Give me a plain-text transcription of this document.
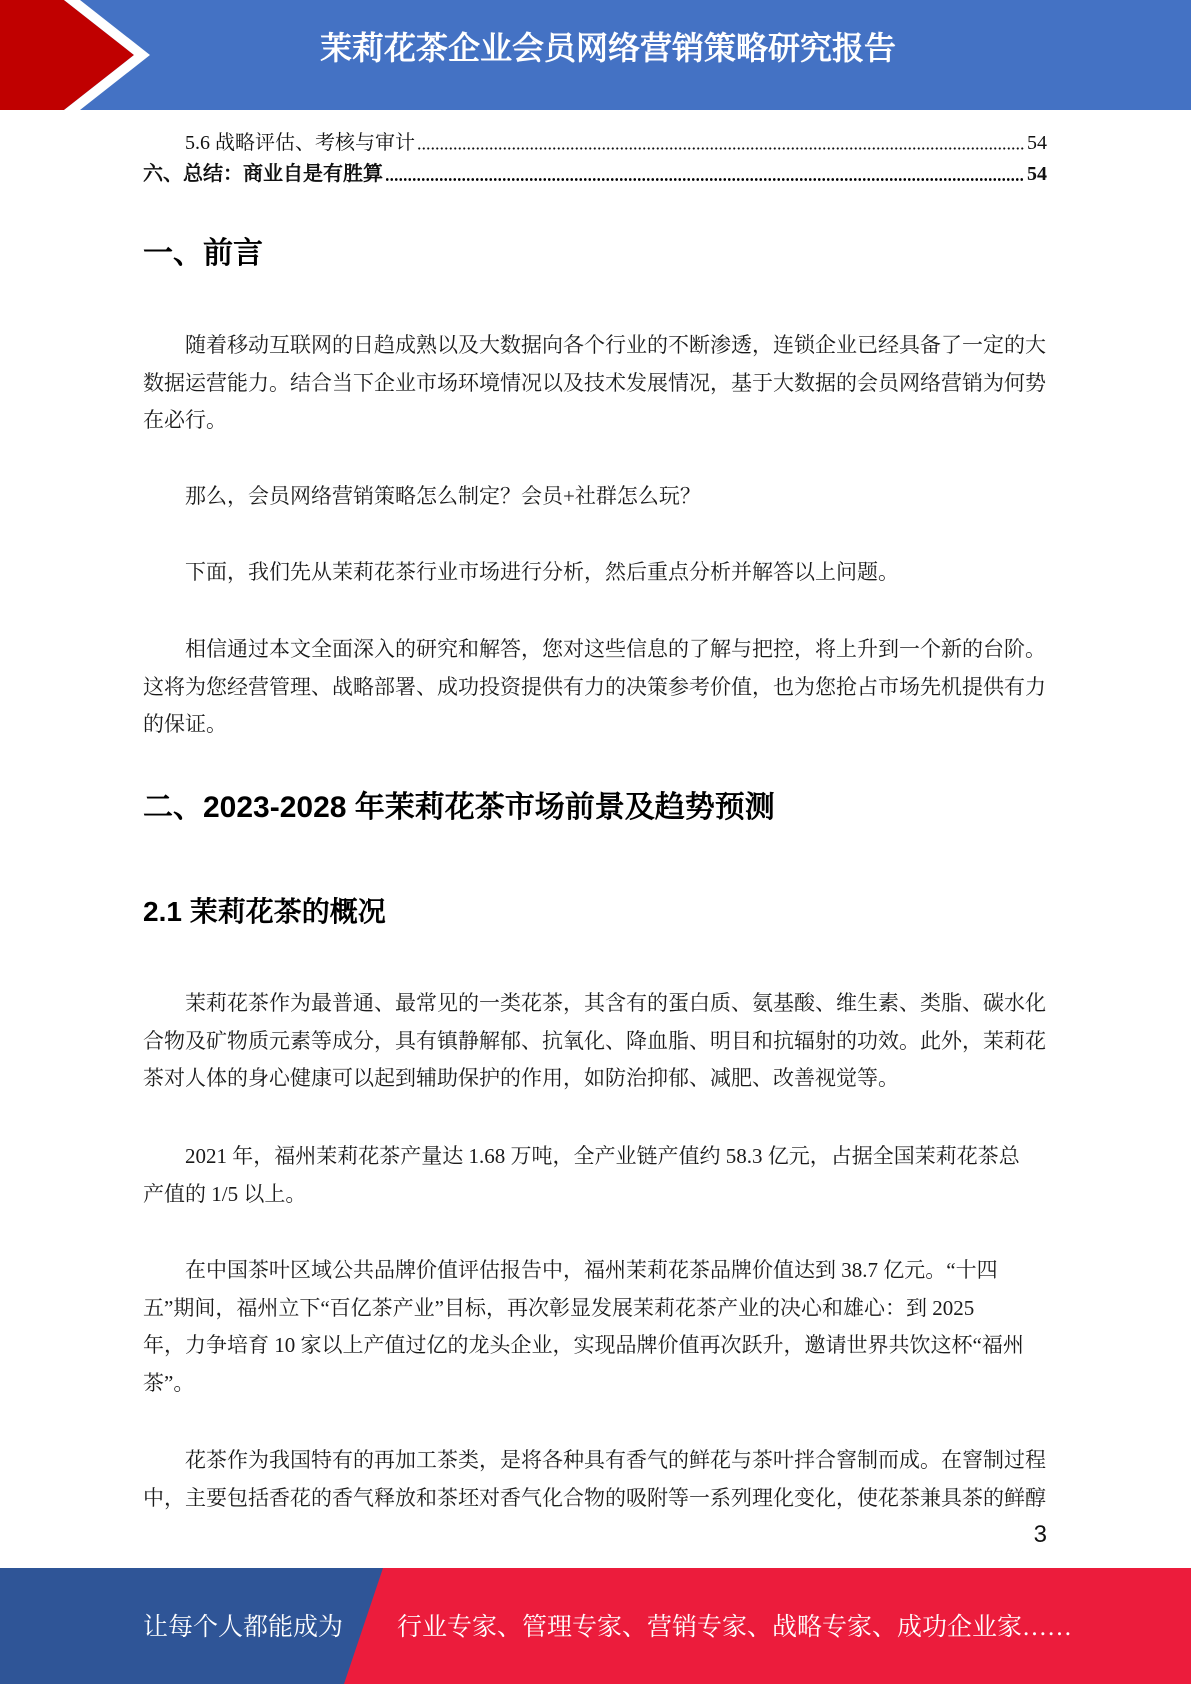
茉莉花茶企业会员网络营销策略研究报告
5.6 战略评估、考核与审计	54
六、总结：商业自是有胜算	54
一、前言
随着移动互联网的日趋成熟以及大数据向各个行业的不断渗透，连锁企业已经具备了一定的大
数据运营能力。结合当下企业市场环境情况以及技术发展情况，基于大数据的会员网络营销为何势
在必行。
那么，会员网络营销策略怎么制定？会员+社群怎么玩？
下面，我们先从茉莉花茶行业市场进行分析，然后重点分析并解答以上问题。
相信通过本文全面深入的研究和解答，您对这些信息的了解与把控，将上升到一个新的台阶。
这将为您经营管理、战略部署、成功投资提供有力的决策参考价值，也为您抢占市场先机提供有力
的保证。
二、2023-2028 年茉莉花茶市场前景及趋势预测
2.1 茉莉花茶的概况
茉莉花茶作为最普通、最常见的一类花茶，其含有的蛋白质、氨基酸、维生素、类脂、碳水化
合物及矿物质元素等成分，具有镇静解郁、抗氧化、降血脂、明目和抗辐射的功效。此外，茉莉花
茶对人体的身心健康可以起到辅助保护的作用，如防治抑郁、减肥、改善视觉等。
2021 年，福州茉莉花茶产量达 1.68 万吨，全产业链产值约 58.3 亿元，占据全国茉莉花茶总
产值的 1/5 以上。
在中国茶叶区域公共品牌价值评估报告中，福州茉莉花茶品牌价值达到 38.7 亿元。“十四
五”期间，福州立下“百亿茶产业”目标，再次彰显发展茉莉花茶产业的决心和雄心：到 2025
年，力争培育 10 家以上产值过亿的龙头企业，实现品牌价值再次跃升，邀请世界共饮这杯“福州
茶”。
花茶作为我国特有的再加工茶类，是将各种具有香气的鲜花与茶叶拌合窨制而成。在窨制过程
中，主要包括香花的香气释放和茶坯对香气化合物的吸附等一系列理化变化，使花茶兼具茶的鲜醇
3
让每个人都能成为 行业专家、管理专家、营销专家、战略专家、成功企业家……
